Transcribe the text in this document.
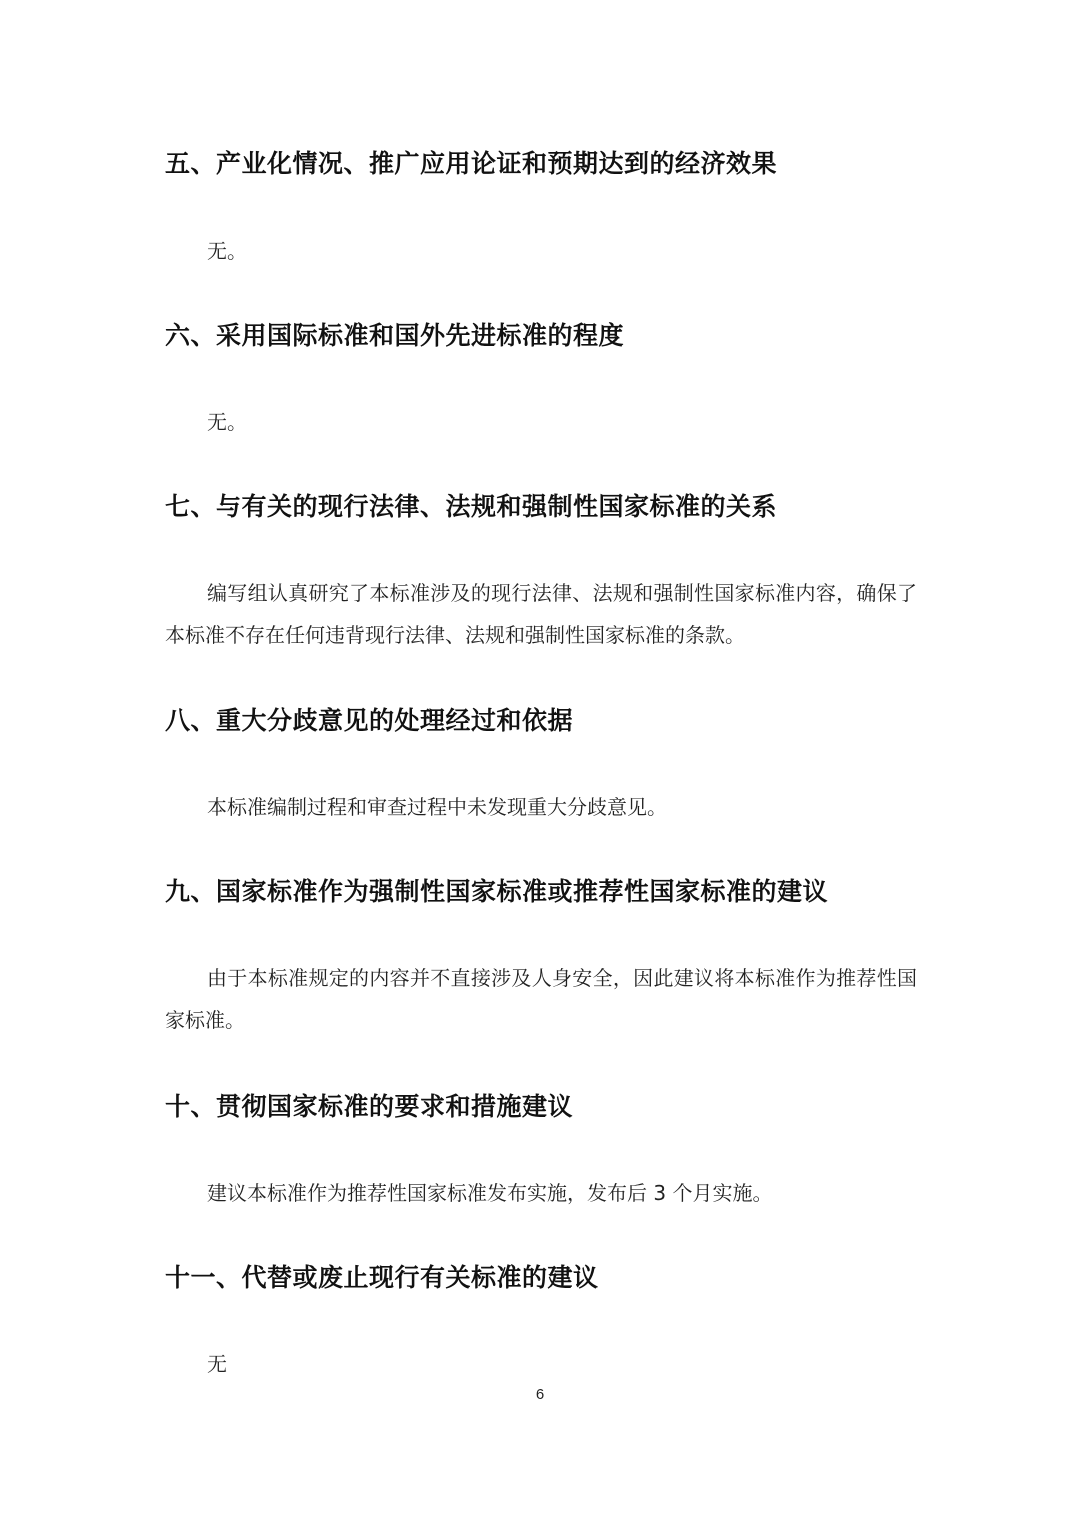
五、产业化情况、推广应用论证和预期达到的经济效果
无。
六、采用国际标准和国外先进标准的程度
无。
七、与有关的现行法律、法规和强制性国家标准的关系
编写组认真研究了本标准涉及的现行法律、法规和强制性国家标准内容，确保了本标准不存在任何违背现行法律、法规和强制性国家标准的条款。
八、重大分歧意见的处理经过和依据
本标准编制过程和审查过程中未发现重大分歧意见。
九、国家标准作为强制性国家标准或推荐性国家标准的建议
由于本标准规定的内容并不直接涉及人身安全，因此建议将本标准作为推荐性国家标准。
十、贯彻国家标准的要求和措施建议
建议本标准作为推荐性国家标准发布实施，发布后 3 个月实施。
十一、代替或废止现行有关标准的建议
无
6
